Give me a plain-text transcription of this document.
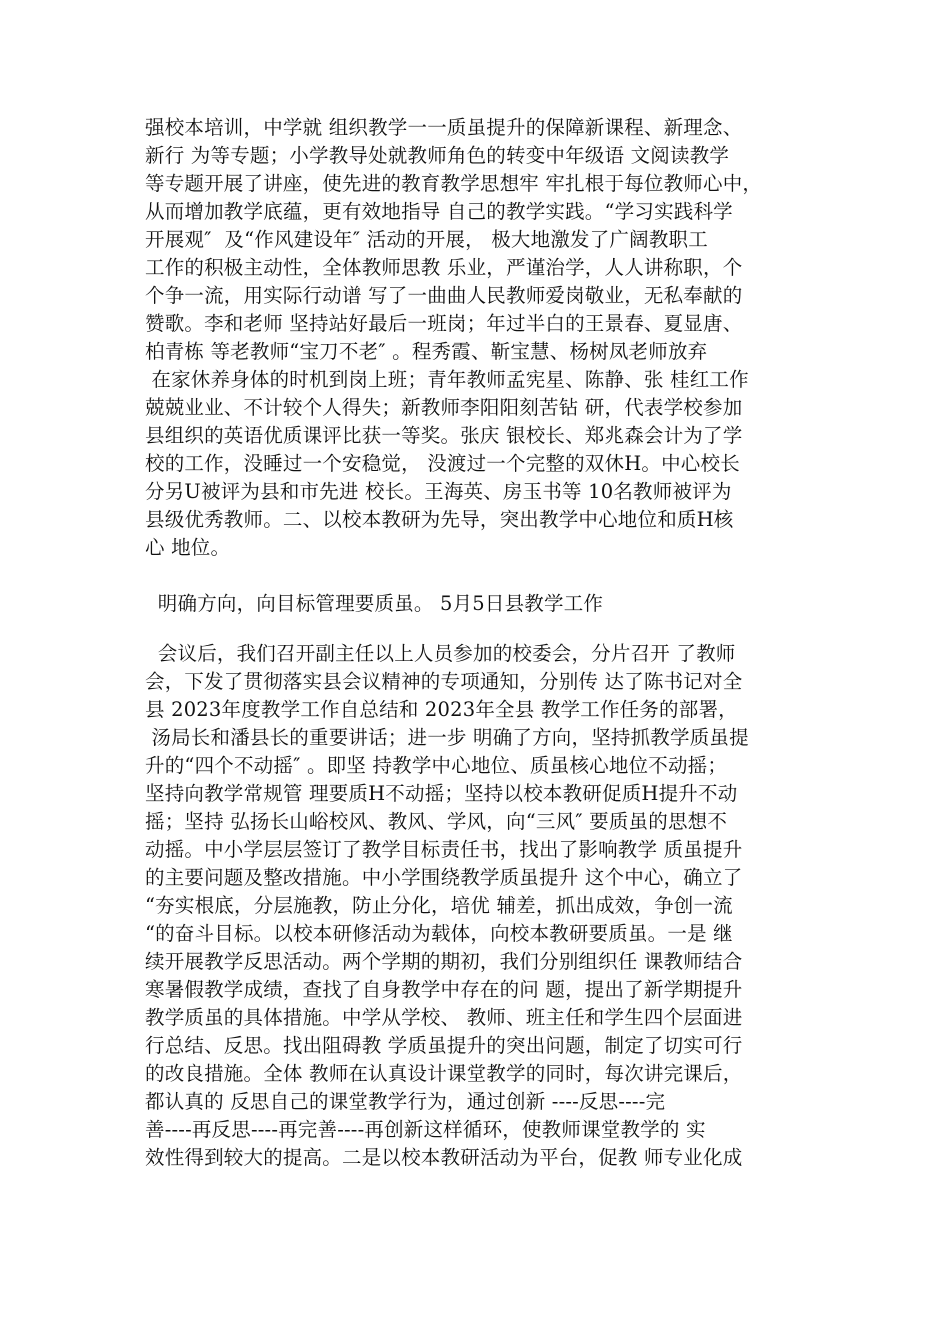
强校本培训，中学就 组织教学一一质虽提升的保障新课程、新理念、
新行 为等专题；小学教导处就教师角色的转变中年级语 文阅读教学
等专题开展了讲座，使先进的教育教学思想牢 牢扎根于每位教师心中，
从而增加教学底蕴，更有效地指导 自己的教学实践。“学习实践科学
开展观″  及“作风建设年″ 活动的开展， 极大地激发了广阔教职工
工作的积极主动性，全体教师思教 乐业，严谨治学，人人讲称职，个
个争一流，用实际行动谱 写了一曲曲人民教师爱岗敬业，无私奉献的
赞歌。李和老师 坚持站好最后一班岗；年过半白的王景春、夏显唐、
柏青栋 等老教师“宝刀不老″ 。程秀霞、靳宝慧、杨树凤老师放弃
在家休养身体的时机到岗上班；青年教师孟宪星、陈静、张 桂红工作
兢兢业业、不计较个人得失；新教师李阳阳刻苦钻 研，代表学校参加
县组织的英语优质课评比获一等奖。张庆 银校长、郑兆森会计为了学
校的工作，没睡过一个安稳觉， 没渡过一个完整的双休H。中心校长
分另U被评为县和市先进 校长。王海英、房玉书等 10名教师被评为
县级优秀教师。二、以校本教研为先导，突出教学中心地位和质H核
心 地位。
明确方向，向目标管理要质虽。 5月5日县教学工作
会议后，我们召开副主任以上人员参加的校委会，分片召开 了教师
会，下发了贯彻落实县会议精神的专项通知，分别传 达了陈书记对全
县 2023年度教学工作自总结和 2023年全县 教学工作任务的部署，
汤局长和潘县长的重要讲话；进一步 明确了方向，坚持抓教学质虽提
升的“四个不动摇″ 。即坚 持教学中心地位、质虽核心地位不动摇；
坚持向教学常规管 理要质H不动摇；坚持以校本教研促质H提升不动
摇；坚持 弘扬长山峪校风、教风、学风，向“三风″ 要质虽的思想不
动摇。中小学层层签订了教学目标责任书，找出了影响教学 质虽提升
的主要问题及整改措施。中小学围绕教学质虽提升 这个中心，确立了
“夯实根底，分层施教，防止分化，培优 辅差，抓出成效，争创一流
“的奋斗目标。以校本研修活动为载体，向校本教研要质虽。一是 继
续开展教学反思活动。两个学期的期初，我们分别组织任 课教师结合
寒暑假教学成绩，查找了自身教学中存在的问 题，提出了新学期提升
教学质虽的具体措施。中学从学校、 教师、班主任和学生四个层面进
行总结、反思。找出阻碍教 学质虽提升的突出问题，制定了切实可行
的改良措施。全体 教师在认真设计课堂教学的同时，每次讲完课后，
都认真的 反思自己的课堂教学行为，通过创新 ----反思----完
善----再反思----再完善----再创新这样循环，使教师课堂教学的 实
效性得到较大的提高。二是以校本教研活动为平台，促教 师专业化成
